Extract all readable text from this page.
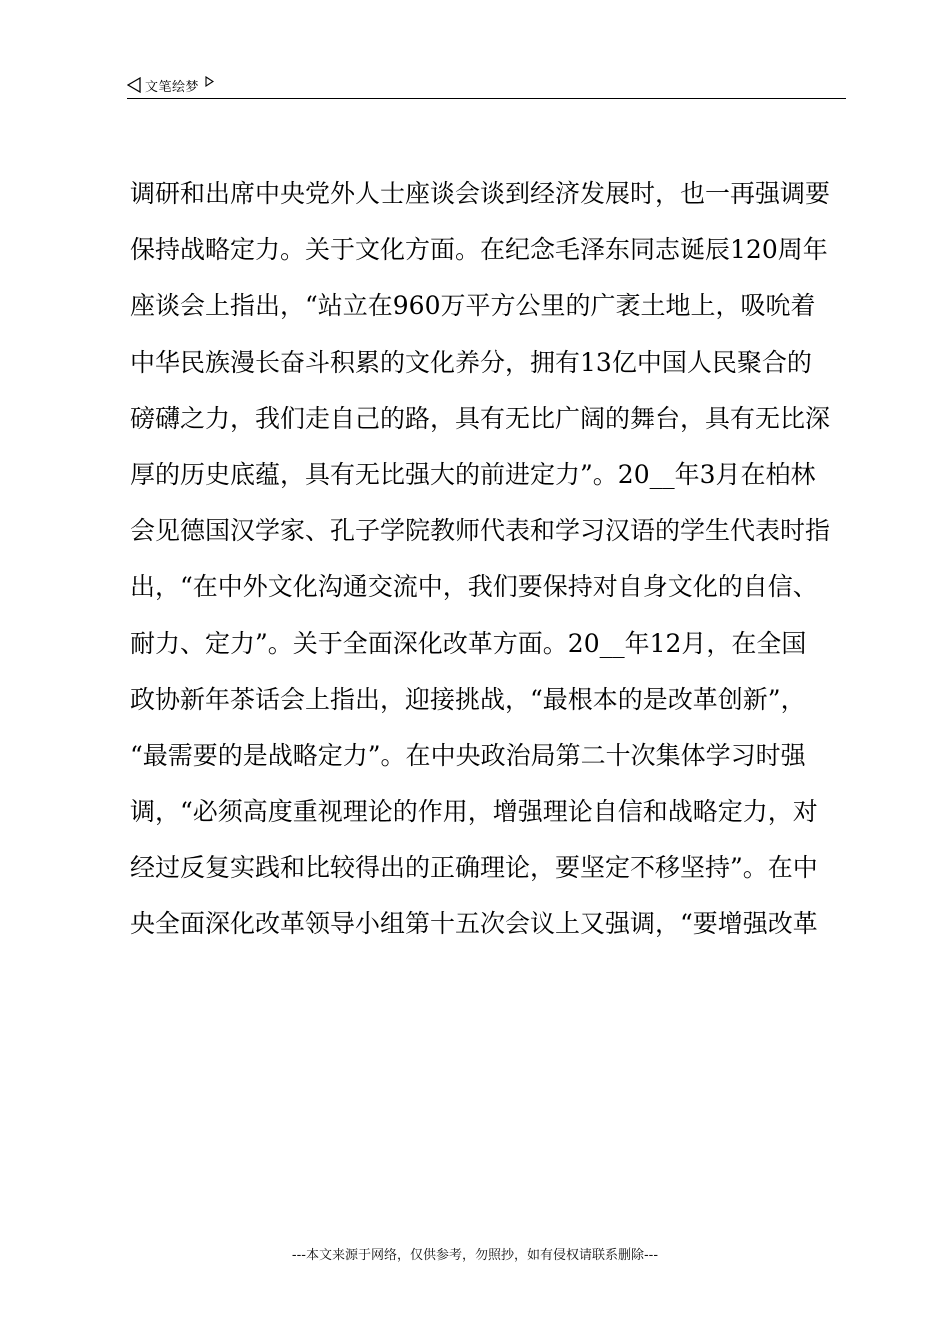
文笔绘梦
调研和出席中央党外人士座谈会谈到经济发展时，也一再强调要
保持战略定力。关于文化方面。在纪念毛泽东同志诞辰120周年
座谈会上指出，“站立在960万平方公里的广袤土地上，吸吮着
中华民族漫长奋斗积累的文化养分，拥有13亿中国人民聚合的
磅礴之力，我们走自己的路，具有无比广阔的舞台，具有无比深
厚的历史底蕴，具有无比强大的前进定力”。20__年3月在柏林
会见德国汉学家、孔子学院教师代表和学习汉语的学生代表时指
出，“在中外文化沟通交流中，我们要保持对自身文化的自信、
耐力、定力”。关于全面深化改革方面。20__年12月，在全国
政协新年茶话会上指出，迎接挑战，“最根本的是改革创新”，
“最需要的是战略定力”。在中央政治局第二十次集体学习时强
调，“必须高度重视理论的作用，增强理论自信和战略定力，对
经过反复实践和比较得出的正确理论，要坚定不移坚持”。在中
央全面深化改革领导小组第十五次会议上又强调，“要增强改革
---本文来源于网络，仅供参考，勿照抄，如有侵权请联系删除---
